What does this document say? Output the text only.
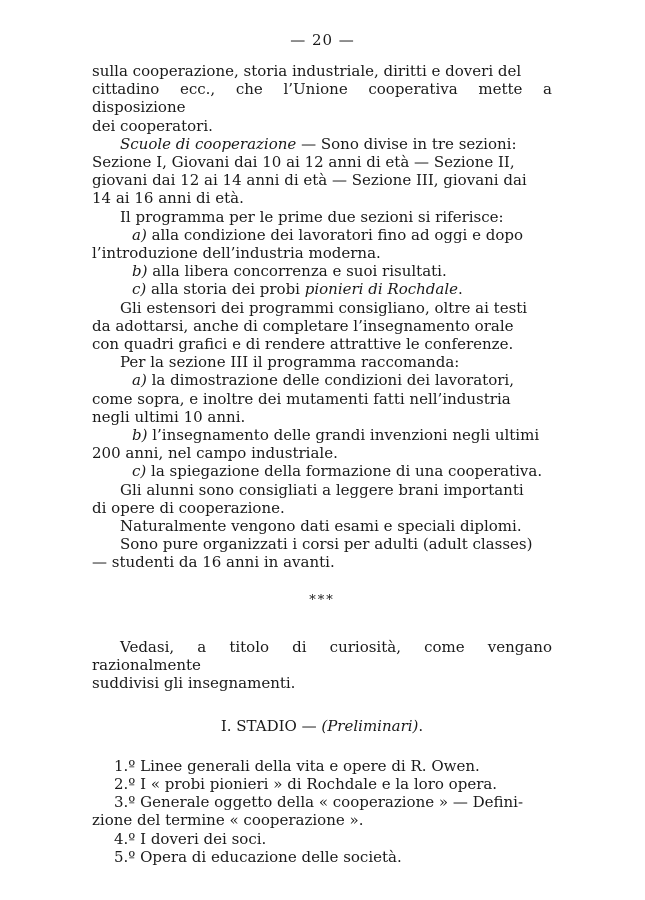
— 20 —

sulla cooperazione, storia industriale, diritti e doveri del
cittadino ecc., che l’Unione cooperativa mette a disposizione
dei cooperatori.

Scuole di cooperazione — Sono divise in tre sezioni:
Sezione I, Giovani dai 10 ai 12 anni di età — Sezione II,
giovani dai 12 ai 14 anni di età — Sezione III, giovani dai
14 ai 16 anni di età.

Il programma per le prime due sezioni si riferisce:

a) alla condizione dei lavoratori fino ad oggi e dopo
l’introduzione dell’industria moderna.

b) alla libera concorrenza e suoi risultati.

c) alla storia dei probi pionieri di Rochdale.

Gli estensori dei programmi consigliano, oltre ai testi
da adottarsi, anche di completare l’insegnamento orale
con quadri grafici e di rendere attrattive le conferenze.

Per la sezione III il programma raccomanda:

a) la dimostrazione delle condizioni dei lavoratori,
come sopra, e inoltre dei mutamenti fatti nell’industria
negli ultimi 10 anni.

b) l’insegnamento delle grandi invenzioni negli ultimi
200 anni, nel campo industriale.

c) la spiegazione della formazione di una cooperativa.

Gli alunni sono consigliati a leggere brani importanti
di opere di cooperazione.

Naturalmente vengono dati esami e speciali diplomi.

Sono pure organizzati i corsi per adulti (adult classes)
— studenti da 16 anni in avanti.

***

Vedasi, a titolo di curiosità, come vengano razionalmente
suddivisi gli insegnamenti.

I. STADIO — (Preliminari).

1.º Linee generali della vita e opere di R. Owen.

2.º I « probi pionieri » di Rochdale e la loro opera.

3.º Generale oggetto della « cooperazione » — Defini-

zione del termine « cooperazione ».

4.º I doveri dei soci.

5.º Opera di educazione delle società.
